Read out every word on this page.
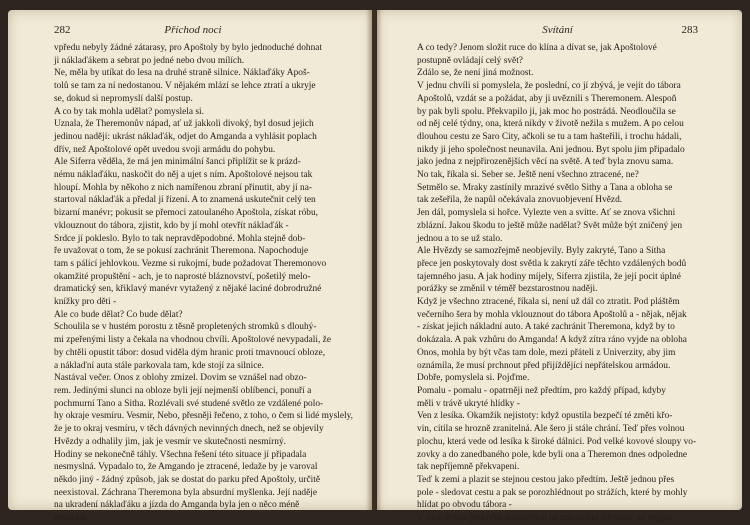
282	Příchod noci
vpředu nebyly žádné zátarasy, pro Apoštoly by bylo jednoduché dohnat
ji náklaďákem a sebrat po jedné nebo dvou mílích.
Ne, měla by utíkat do lesa na druhé straně silnice. Náklaďáky Apoš-
tolů se tam za ní nedostanou. V nějakém mlází se lehce ztratí a ukryje
se, dokud si nepromyslí další postup.
A co by tak mohla udělat? pomyslela si.
Uznala, že Theremonův nápad, ať už jakkoli divoký, byl dosud jejich
jedinou nadějí: ukrást náklaďák, odjet do Amganda a vyhlásit poplach
dřív, než Apoštolové opět uvedou svoji armádu do pohybu.
Ale Siferra věděla, že má jen minimální šanci připlížit se k prázd-
nému náklaďáku, naskočit do něj a ujet s ním. Apoštolové nejsou tak
hloupí. Mohla by někoho z nich namířenou zbraní přinutit, aby jí na-
startoval náklaďák a předal jí řízení. A to znamená uskutečnit celý ten
bizarní manévr; pokusit se přemoci zatoulaného Apoštola, získat róbu,
vklouznout do tábora, zjistit, kdo by jí mohl otevřít náklaďák -
Srdce jí pokleslo. Bylo to tak nepravděpodobné. Mohla stejně dob-
ře uvažovat o tom, že se pokusí zachránit Theremona. Napochoduje
tam s pálící jehlovkou. Vezme si rukojmí, bude požadovat Theremonovo
okamžité propuštění - ach, je to naprosté bláznovství, pošetilý melo-
dramatický sen, křiklavý manévr vytažený z nějaké laciné dobrodružné
knížky pro děti -
Ale co bude dělat? Co bude dělat?
Schoulila se v hustém porostu z těsně propletených stromků s dlouhý-
mi zpeřenými listy a čekala na vhodnou chvíli. Apoštolové nevypadali, že
by chtěli opustit tábor: dosud viděla dým hranic proti tmavnoucí obloze,
a náklaďní auta stále parkovala tam, kde stojí za silnice.
Nastával večer. Onos z oblohy zmizel. Dovim se vznášel nad obzo-
rem. Jedinými slunci na obloze byli její nejmenší oblíbenci, ponuří a
pochmurní Tano a Sitha. Rozlévali své studené světlo ze vzdálené polo-
hy okraje vesmíru. Vesmír, Nebo, přesněji řečeno, z toho, o čem si lidé myslely,
že je to okraj vesmíru, v těch dávných nevinných dnech, než se objevily
Hvězdy a odhalily jim, jak je vesmír ve skutečnosti nesmírný.
Hodiny se nekonečně táhly. Všechna řešení této situace jí připadala
nesmyslná. Vypadalo to, že Amgando je ztracené, ledaže by je varoval
někdo jiný - žádný způsob, jak se dostat do parku před Apoštoly, určitě
neexistoval. Záchrana Theremona byla absurdní myšlenka. Její naděje
na ukradení náklaďáku a jízda do Amganda byla jen o něco méně
absurdní.
Svítání	283
A co tedy? Jenom složit ruce do klína a dívat se, jak Apoštolové
postupně ovládají celý svět?
Zdálo se, že není jiná možnost.
V jednu chvíli si pomyslela, že poslední, co jí zbývá, je vejít do tábora
Apoštolů, vzdát se a požádat, aby ji uvěznili s Theremonem. Alespoň
by pak byli spolu. Překvapilo ji, jak moc ho postrádá. Neodloučila se
od něj celé týdny, ona, která nikdy v životě nežila s mužem. A po celou
dlouhou cestu ze Saro City, ačkoli se tu a tam hašteřili, i trochu hádali,
nikdy ji jeho společnost neunavila. Ani jednou. Byt spolu jim připadalo
jako jedna z nejpřirozenějších věcí na světě. A teď byla znovu sama.
No tak, říkala si. Seber se. Ještě není všechno ztracené, ne?
Setmělo se. Mraky zastínily mrazivé světlo Sithy a Tana a obloha se
tak zešeřila, že napůl očekávala znovuobjevení Hvězd.
Jen dál, pomyslela si hořce. Vylezte ven a svítte. Ať se znova všichni
zblázní. Jakou škodu to ještě může nadělat? Svět může být zničený jen
jednou a to se už stalo.
Ale Hvězdy se samozřejmě neobjevily. Byly zakryté, Tano a Sitha
přece jen poskytovaly dost světla k zakrytí záře těchto vzdálených bodů
tajemného jasu. A jak hodiny míjely, Siferra zjistila, že její pocit úplné
porážky se změnil v téměř bezstarostnou naději.
Když je všechno ztracené, říkala si, není už dál co ztratit. Pod pláštěm
večerního šera by mohla vklouznout do tábora Apoštolů a - nějak, nějak
- získat jejich nákladní auto. A také zachránit Theremona, když by to
dokázala. A pak vzhůru do Amganda! A když zítra ráno vyjde na obloha
Onos, mohla by být včas tam dole, mezi přáteli z Univerzity, aby jim
oznámila, že musí prchnout před přijíždějící nepřátelskou armádou.
Dobře, pomyslela si. Pojďme.
Pomalu - pomalu - opatrněji než předtím, pro každý případ, kdyby
měli v trávě ukryté hlídky -
Ven z lesíka. Okamžik nejistoty: když opustila bezpečí té změti křo-
vin, cítila se hrozně zranitelná. Ale šero ji stále chrání. Teď přes volnou
plochu, která vede od lesíka k široké dálnici. Pod velké kovové sloupy vo-
zovky a do zanedbaného pole, kde byli ona a Theremon dnes odpoledne
tak nepříjemně překvapeni.
Teď k zemi a plazit se stejnou cestou jako předtím. Ještě jednou přes
pole - sledovat cestu a pak se porozhlédnout po strážích, které by mohly
hlídat po obvodu tábora -
V ruce držela jehlovku nastavenou na minimální štěrbinu, na nejpro-
